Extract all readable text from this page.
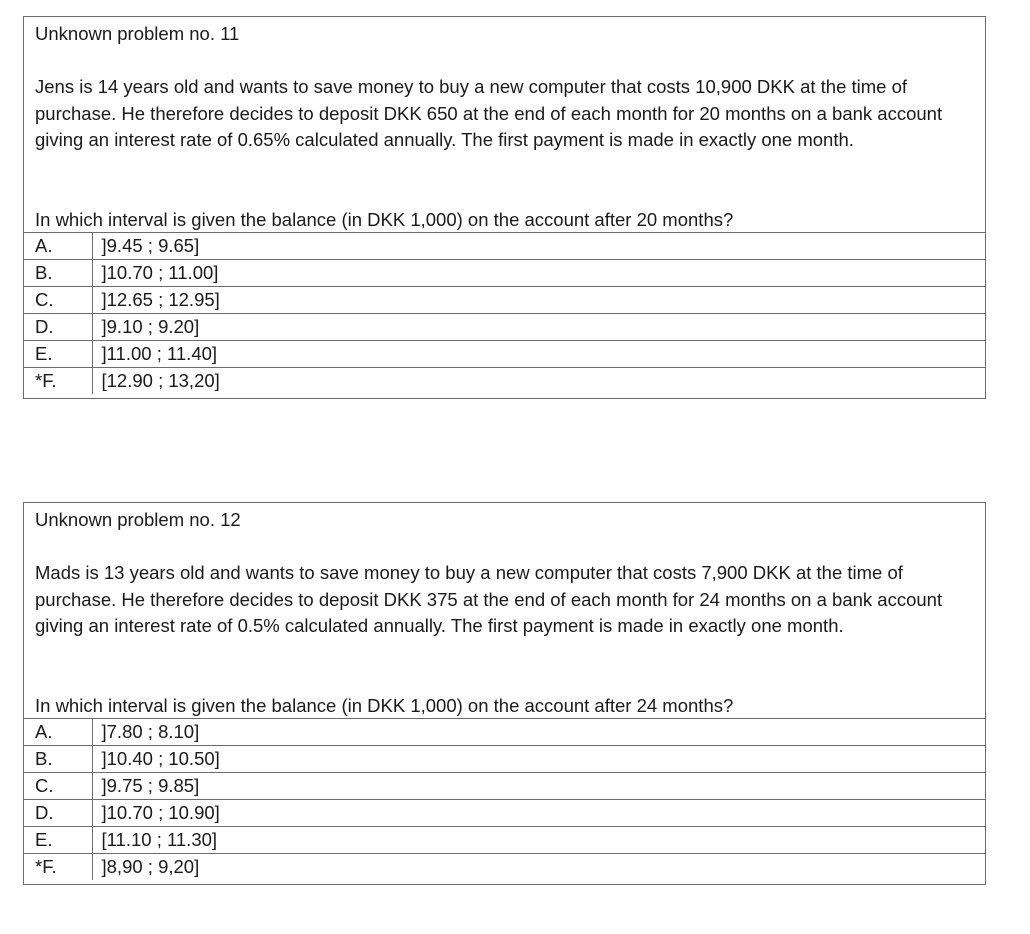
Unknown problem no. 11
Jens is 14 years old and wants to save money to buy a new computer that costs 10,900 DKK at the time of purchase. He therefore decides to deposit DKK 650 at the end of each month for 20 months on a bank account giving an interest rate of 0.65% calculated annually. The first payment is made in exactly one month.
In which interval is given the balance (in DKK 1,000) on the account after 20 months?
A.	]9.45 ; 9.65]
B.	]10.70 ; 11.00]
C.	]12.65 ; 12.95]
D.	]9.10 ; 9.20]
E.	]11.00 ; 11.40]
*F.	[12.90 ; 13,20]
Unknown problem no. 12
Mads is 13 years old and wants to save money to buy a new computer that costs 7,900 DKK at the time of purchase. He therefore decides to deposit DKK 375 at the end of each month for 24 months on a bank account giving an interest rate of 0.5% calculated annually. The first payment is made in exactly one month.
In which interval is given the balance (in DKK 1,000) on the account after 24 months?
A.	]7.80 ; 8.10]
B.	]10.40 ; 10.50]
C.	]9.75 ; 9.85]
D.	]10.70 ; 10.90]
E.	[11.10 ; 11.30]
*F.	]8,90 ; 9,20]
